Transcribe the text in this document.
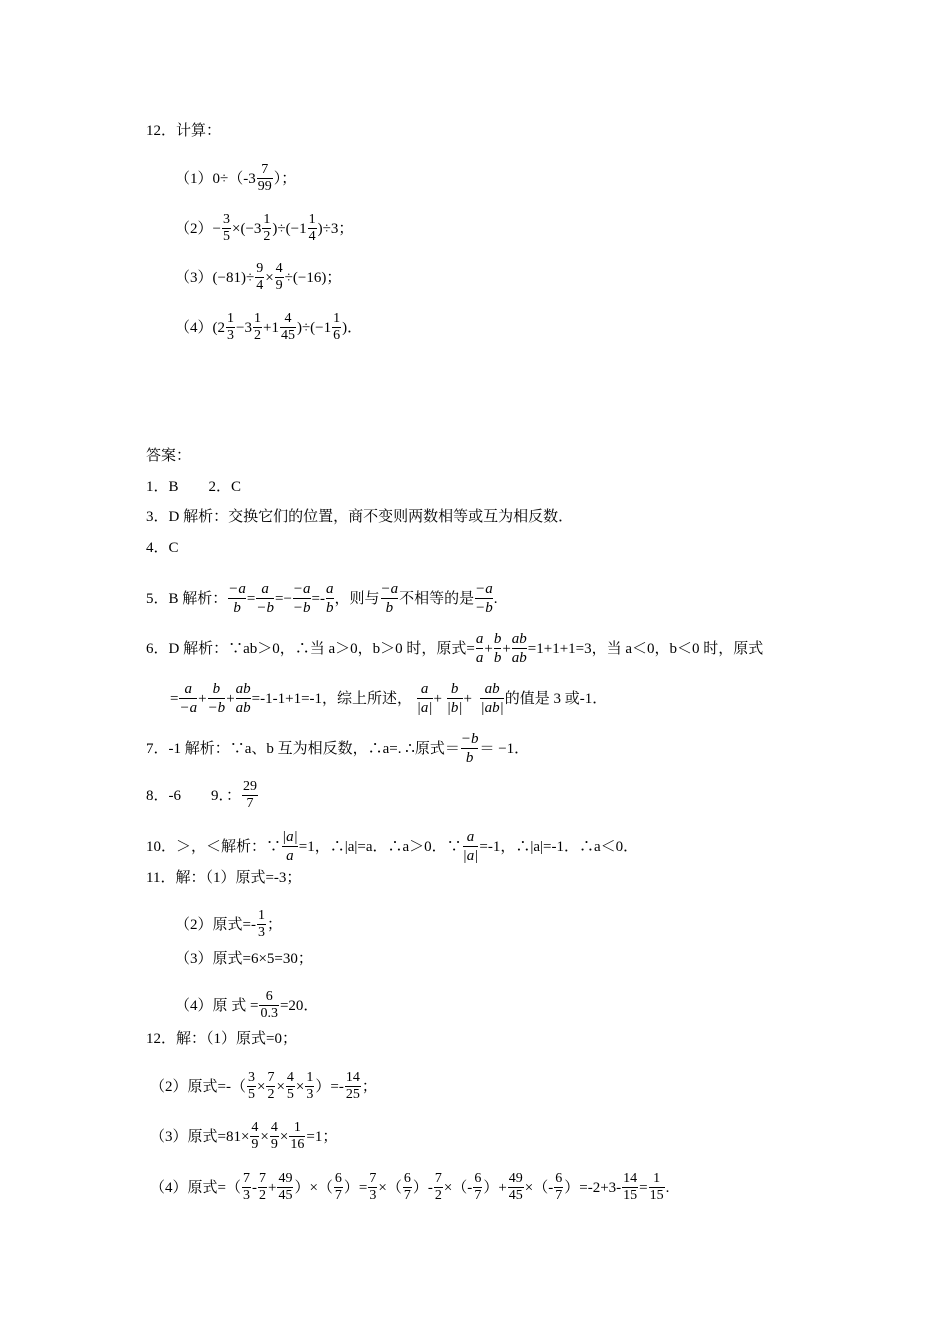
12．计算：
$(1)0\div(-3 \frac{7}{99}$ ）；
$(2)- \frac{3}{5} \times(-3 \frac{1}{2} )\div(-1 \frac{1}{4} )\div 3$；
$(3)(-81)\div \frac{9}{4} \times \frac{4}{9} \div(-16)$；
$(4)(2 \frac{1}{3} -3 \frac{1}{2} +1 \frac{4}{45} )\div(-1 \frac{1}{6}$ )．
答案：
1．B　　2．C
3．D 解析：交换它们的位置，商不变则两数相等或互为相反数．
4．C
5．B 解析： $\frac{-a}{b} = \frac{a}{-b} =- \frac{-a}{-b} =- \frac{a}{b}$ ，则与 $\frac{-a}{b}$ 不相等的是 $\frac{-a}{-b}$ .
6．D 解析：∵ab＞0，∴当 a＞0，b＞0 时，原式= $\frac{a}{a} + \frac{b}{b} + \frac{ab}{ab} =1+1+1=3$，当 a＜0，b＜0 时，原式
= $\frac{a}{-a} + \frac{b}{-b} + \frac{ab}{ab} =-1-1+1=-1$，综上所述， $\frac{a}{|a|} + \frac{b}{|b|} + \frac{ab}{|ab|}$ 的值是 3 或-1．
7．-1 解析：∵a、b 互为相反数，∴a=. ∴原式＝ $\frac{-b}{b} = -1$．
8．-6　　9．： $\frac{29}{7}$
10．＞，＜解析：∵ $\frac{|a|}{a} =1$，∴|a|=a．∴a＞0．∵ $\frac{a}{|a|} =-1$，∴|a|=-1．∴a＜0．
11．解：（1）原式=-3；
（2）原式=- $\frac{1}{3}$ ；
（3）原式=6×5=30；
（4）原 式 = $\frac{6}{0.3} =20$．
12．解：（1）原式=0；
（2）原式=-（ $\frac{3}{5} \times \frac{7}{2} \times \frac{4}{5} \times \frac{1}{3}$ ）=- $\frac{14}{25}$ ；
（3）原式$=81\times \frac{4}{9} \times \frac{4}{9} \times \frac{1}{16} =1$；
（4）原式=（ $\frac{7}{3} - \frac{7}{2} + \frac{49}{45}$ ）×（ $\frac{6}{7}$ ）= $\frac{7}{3}$ ×（ $\frac{6}{7}$ ）- $\frac{7}{2}$ ×（- $\frac{6}{7}$ ）+ $\frac{49}{45}$ ×（- $\frac{6}{7} )=-2+3- \frac{14}{15} = \frac{1}{15}$ .
